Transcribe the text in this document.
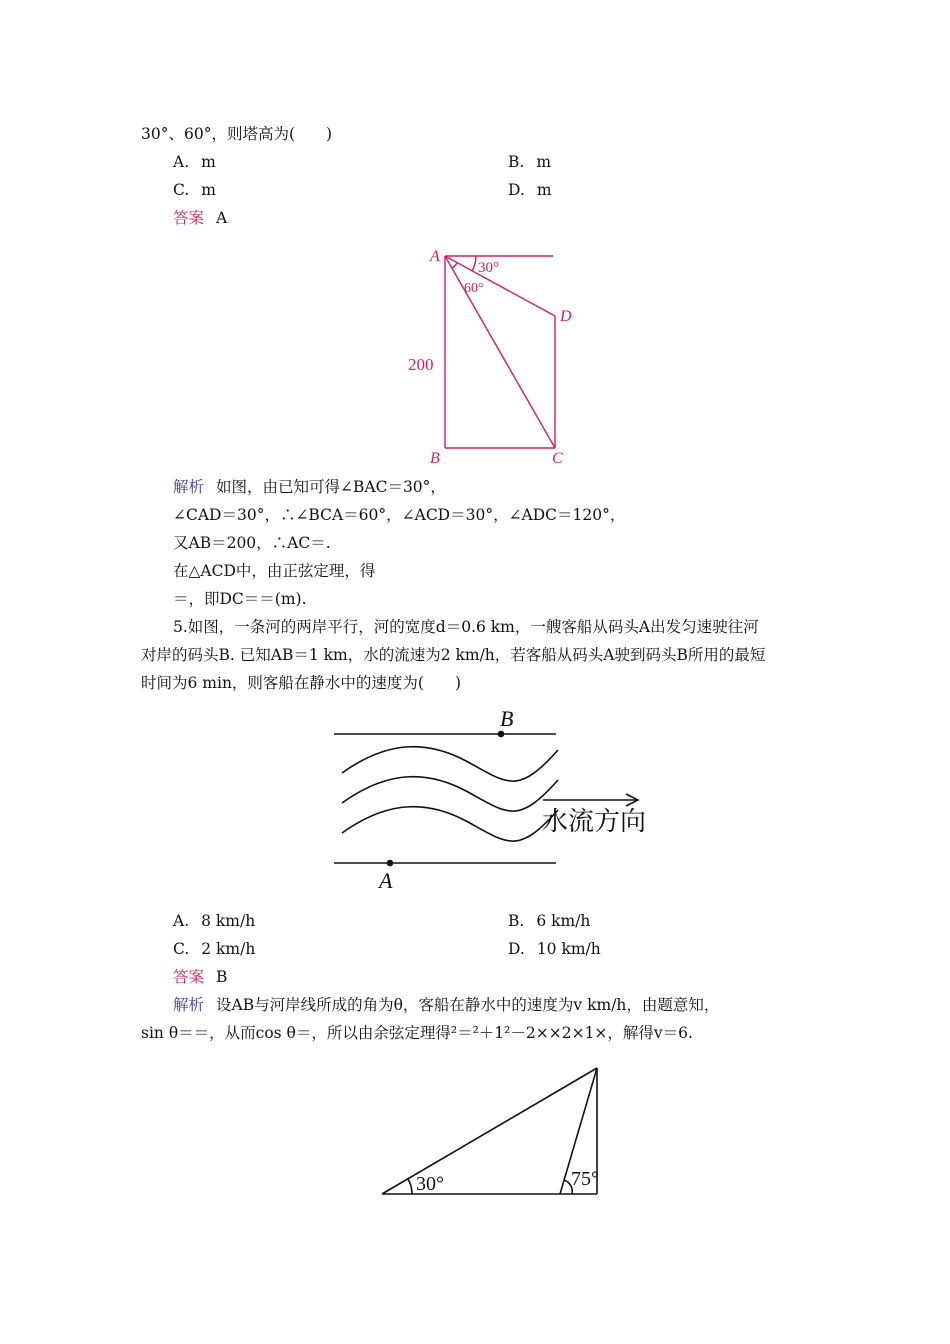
30°、60°，则塔高为(　　)
A. m	B. m
C. m	D. m
答案 A
A
D
B	C
200
30°
60°
解析 如图，由已知可得∠BAC＝30°，
∠CAD＝30°，∴∠BCA＝60°，∠ACD＝30°，∠ADC＝120°，
又AB＝200，∴AC＝.
在△ACD中，由正弦定理，得
＝，即DC＝＝(m).
5.如图，一条河的两岸平行，河的宽度d＝0.6 km，一艘客船从码头A出发匀速驶往河
对岸的码头B. 已知AB＝1 km，水的流速为2 km/h，若客船从码头A驶到码头B所用的最短
时间为6 min，则客船在静水中的速度为(　　)
B
A
水流方向
A. 8 km/h	B. 6 km/h
C. 2 km/h	D. 10 km/h
答案 B
解析 设AB与河岸线所成的角为θ，客船在静水中的速度为v km/h，由题意知，
sin θ＝＝，从而cos θ＝，所以由余弦定理得²＝²＋1²－2××2×1×，解得v＝6.
30°	75°
